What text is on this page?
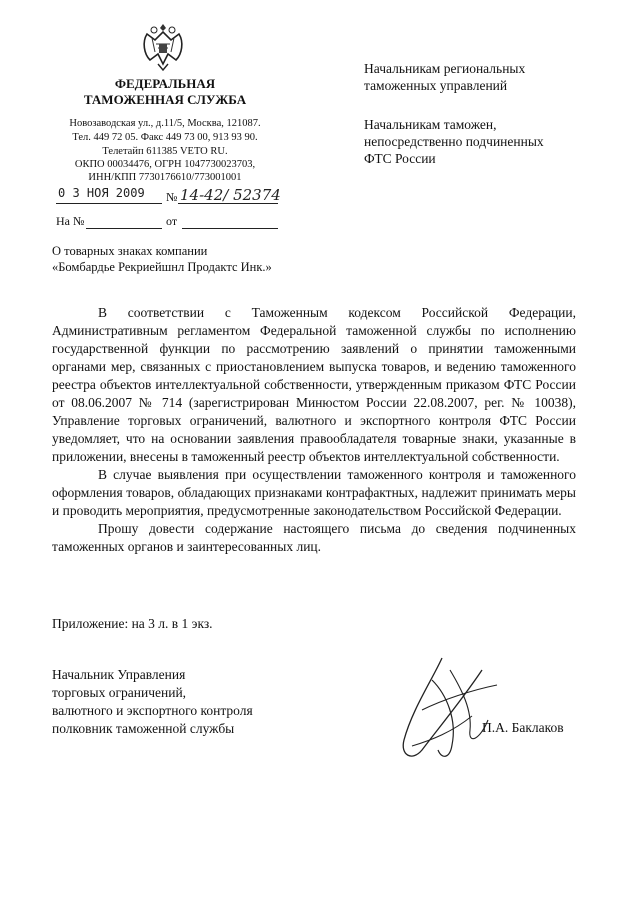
ФЕДЕРАЛЬНАЯ
ТАМОЖЕННАЯ СЛУЖБА
Новозаводская ул., д.11/5, Москва, 121087.
Тел. 449 72 05. Факс 449 73 00, 913 93 90.
Телетайп 611385 VETO RU.
ОКПО 00034476, ОГРН 1047730023703,
ИНН/КПП 7730176610/773001001
0 3 НОЯ 2009 № 14-42/ 52374
На №	от
Начальникам региональных
таможенных управлений
Начальникам таможен,
непосредственно подчиненных
ФТС России
О товарных знаках компании
«Бомбардье Рекриейшнл Продактс Инк.»

В соответствии с Таможенным кодексом Российской Федерации, Административным регламентом Федеральной таможенной службы по исполнению государственной функции по рассмотрению заявлений о принятии таможенными органами мер, связанных с приостановлением выпуска товаров, и ведению таможенного реестра объектов интеллектуальной собственности, утвержденным приказом ФТС России от 08.06.2007 № 714 (зарегистрирован Минюстом России 22.08.2007, рег. № 10038), Управление торговых ограничений, валютного и экспортного контроля ФТС России уведомляет, что на основании заявления правообладателя товарные знаки, указанные в приложении, внесены в таможенный реестр объектов интеллектуальной собственности.

В случае выявления при осуществлении таможенного контроля и таможенного оформления товаров, обладающих признаками контрафактных, надлежит принимать меры и проводить мероприятия, предусмотренные законодательством Российской Федерации.

Прошу довести содержание настоящего письма до сведения подчиненных таможенных органов и заинтересованных лиц.

Приложение: на 3 л. в 1 экз.
Начальник Управления
торговых ограничений,
валютного и экспортного контроля
полковник таможенной службы	П.А. Баклаков
